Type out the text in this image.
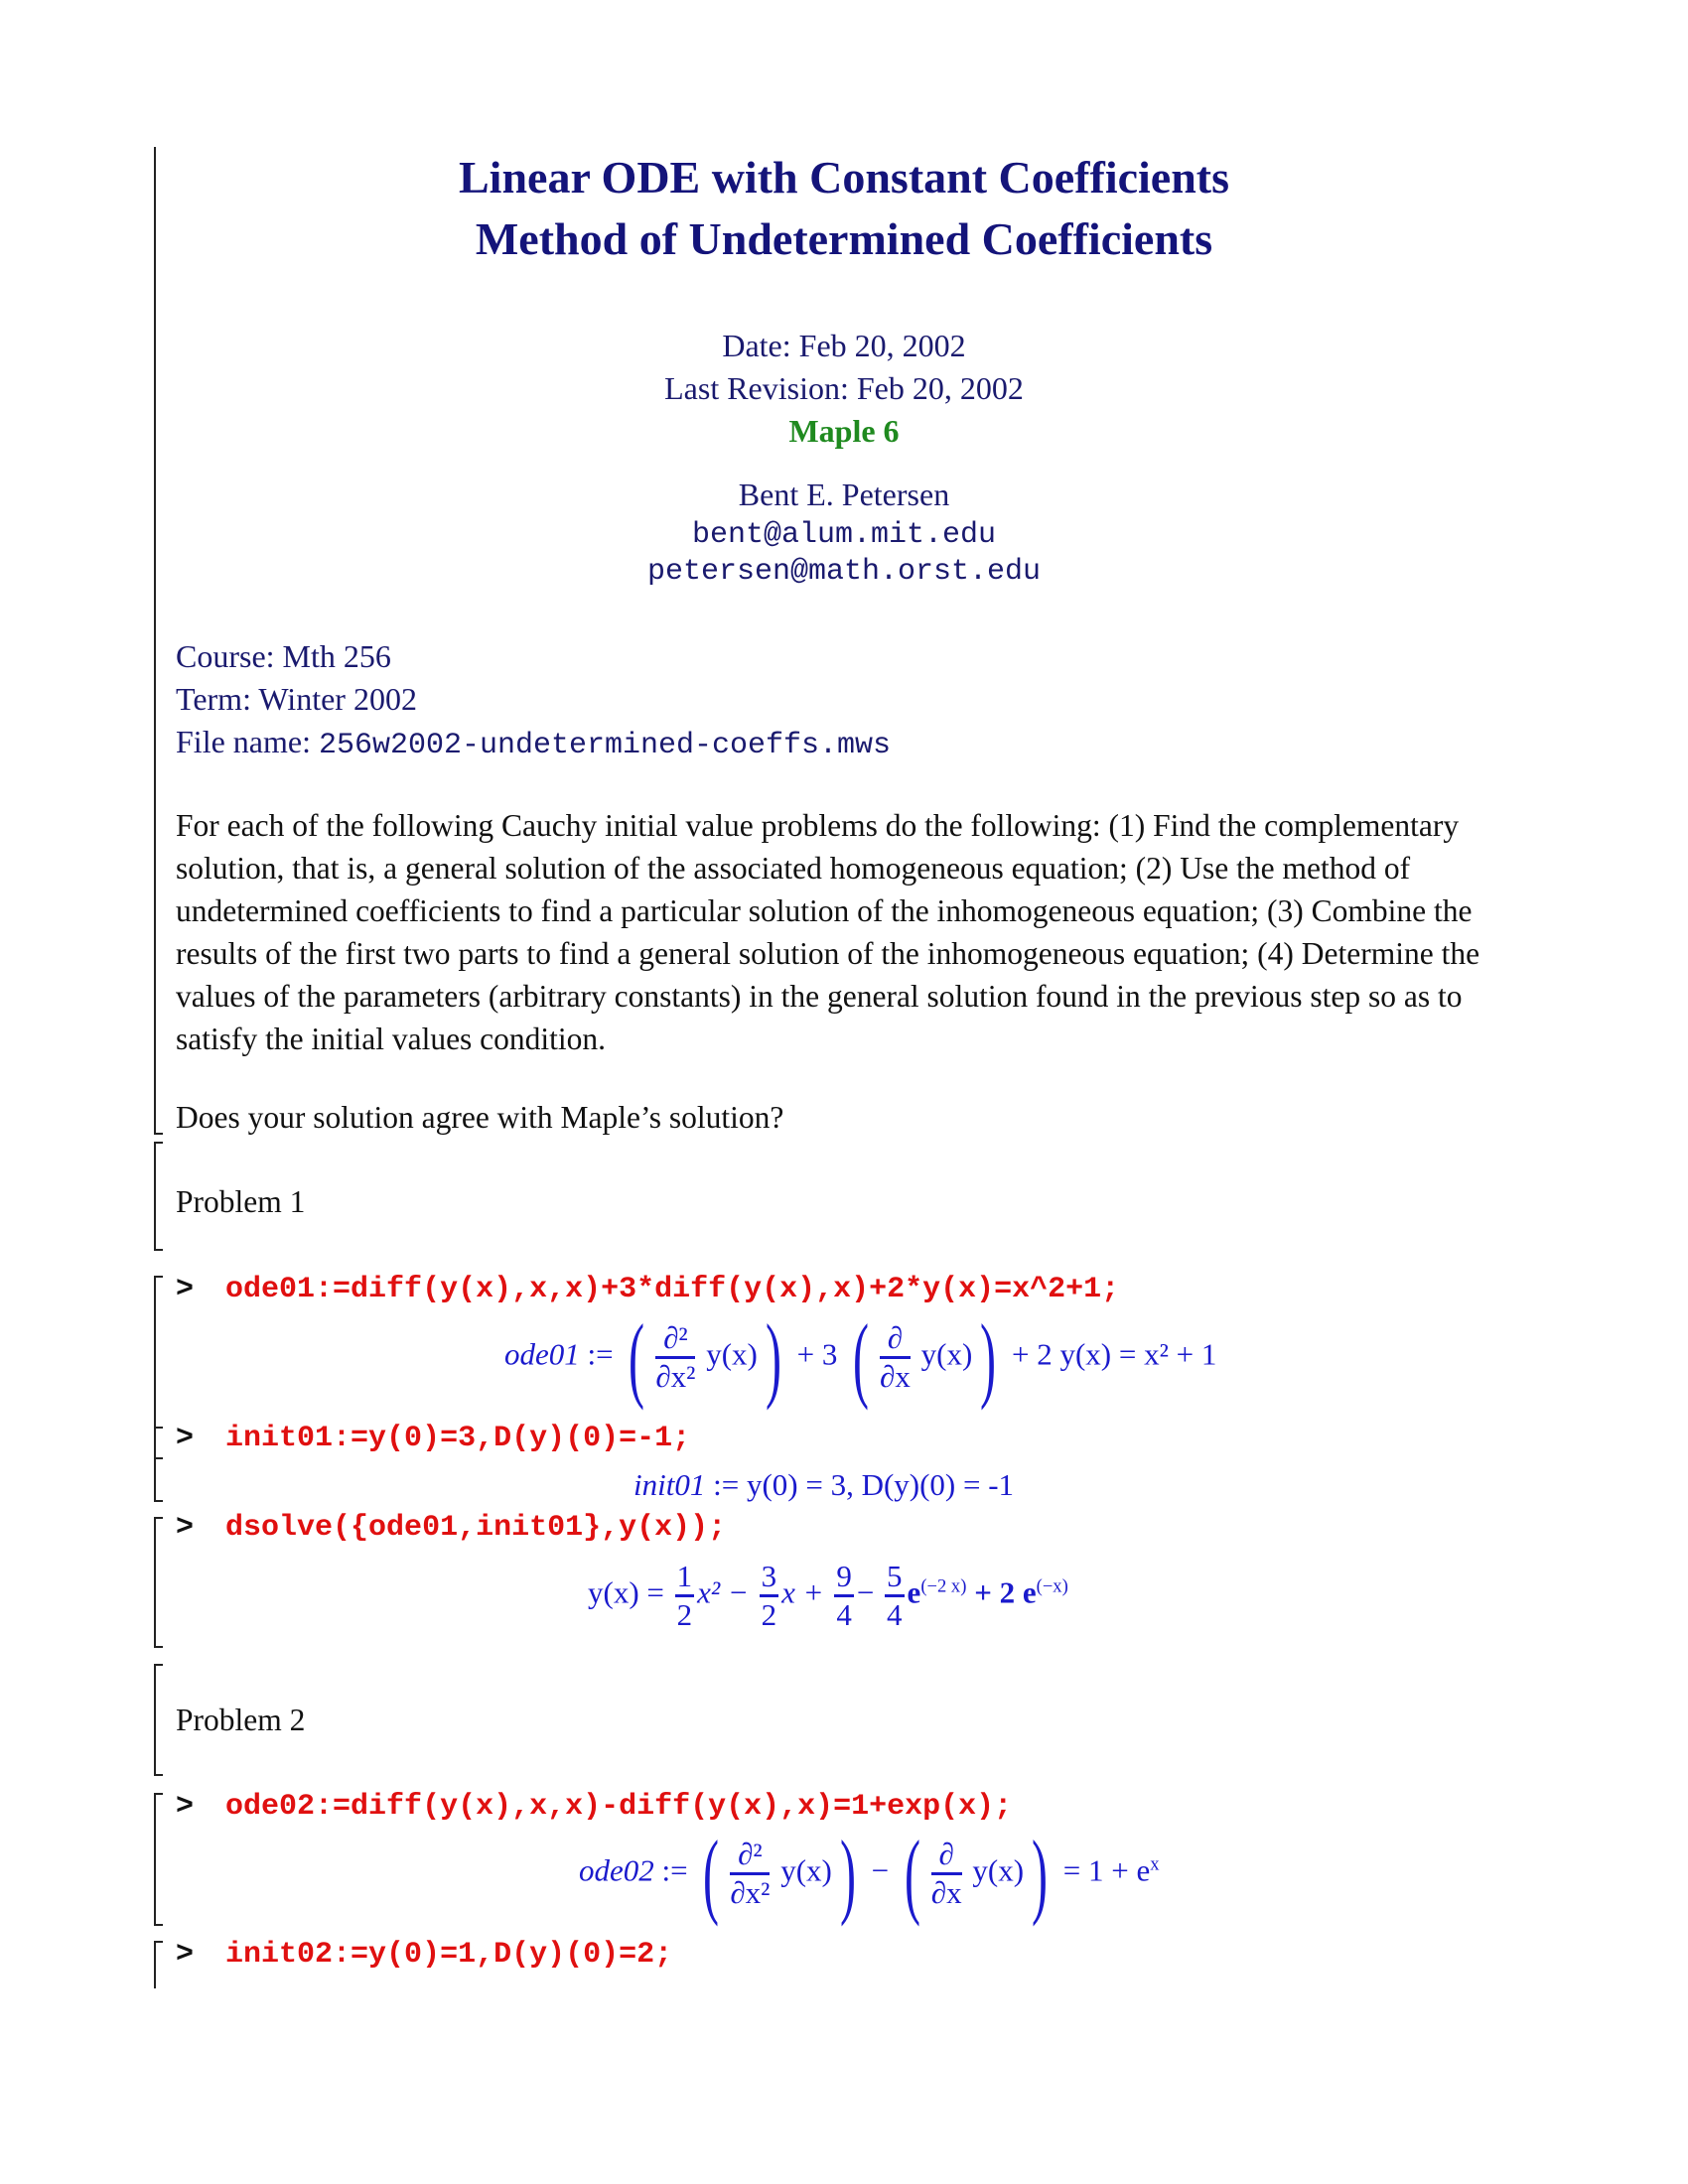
Linear ODE with Constant Coefficients
Method of Undetermined Coefficients
Date: Feb 20, 2002
Last Revision: Feb 20, 2002
Maple 6
Bent E. Petersen
bent@alum.mit.edu
petersen@math.orst.edu
Course: Mth 256
Term: Winter 2002
File name: 256w2002-undetermined-coeffs.mws
For each of the following Cauchy initial value problems do the following: (1) Find the complementary solution, that is, a general solution of the associated homogeneous equation; (2) Use the method of undetermined coefficients to find a particular solution of the inhomogeneous equation; (3) Combine the results of the first two parts to find a general solution of the inhomogeneous equation; (4) Determine the values of the parameters (arbitrary constants) in the general solution found in the previous step so as to satisfy the initial values condition.
Does your solution agree with Maple’s solution?
Problem 1
> ode01:=diff(y(x),x,x)+3*diff(y(x),x)+2*y(x)=x^2+1;
ode01 := ( $\frac{\text{∂²}}{\text{∂x²}} y(x)) + 3$ ( $\frac{\partial}{\partial x} y(x)) + 2$ y(x) = x² + 1
> init01:=y(0)=3,D(y)(0)=-1;
init01 := y(0) = 3, D(y)(0) = -1
> dsolve({ode01,init01},y(x));
$y(x) = \frac{1}{2} x^2 - \frac{3}{2}$ $x + \frac{9}{4} - \frac{5}{4} e^{(-2 x)} + 2$ $e^{(-x)}$
Problem 2
> ode02:=diff(y(x),x,x)-diff(y(x),x)=1+exp(x);
ode02 := ( $\frac{\text{∂²}}{\text{∂x²}} y(x)$) − ( $\frac{\partial}{\partial x} y(x)) = 1 + e^x$
> init02:=y(0)=1,D(y)(0)=2;
